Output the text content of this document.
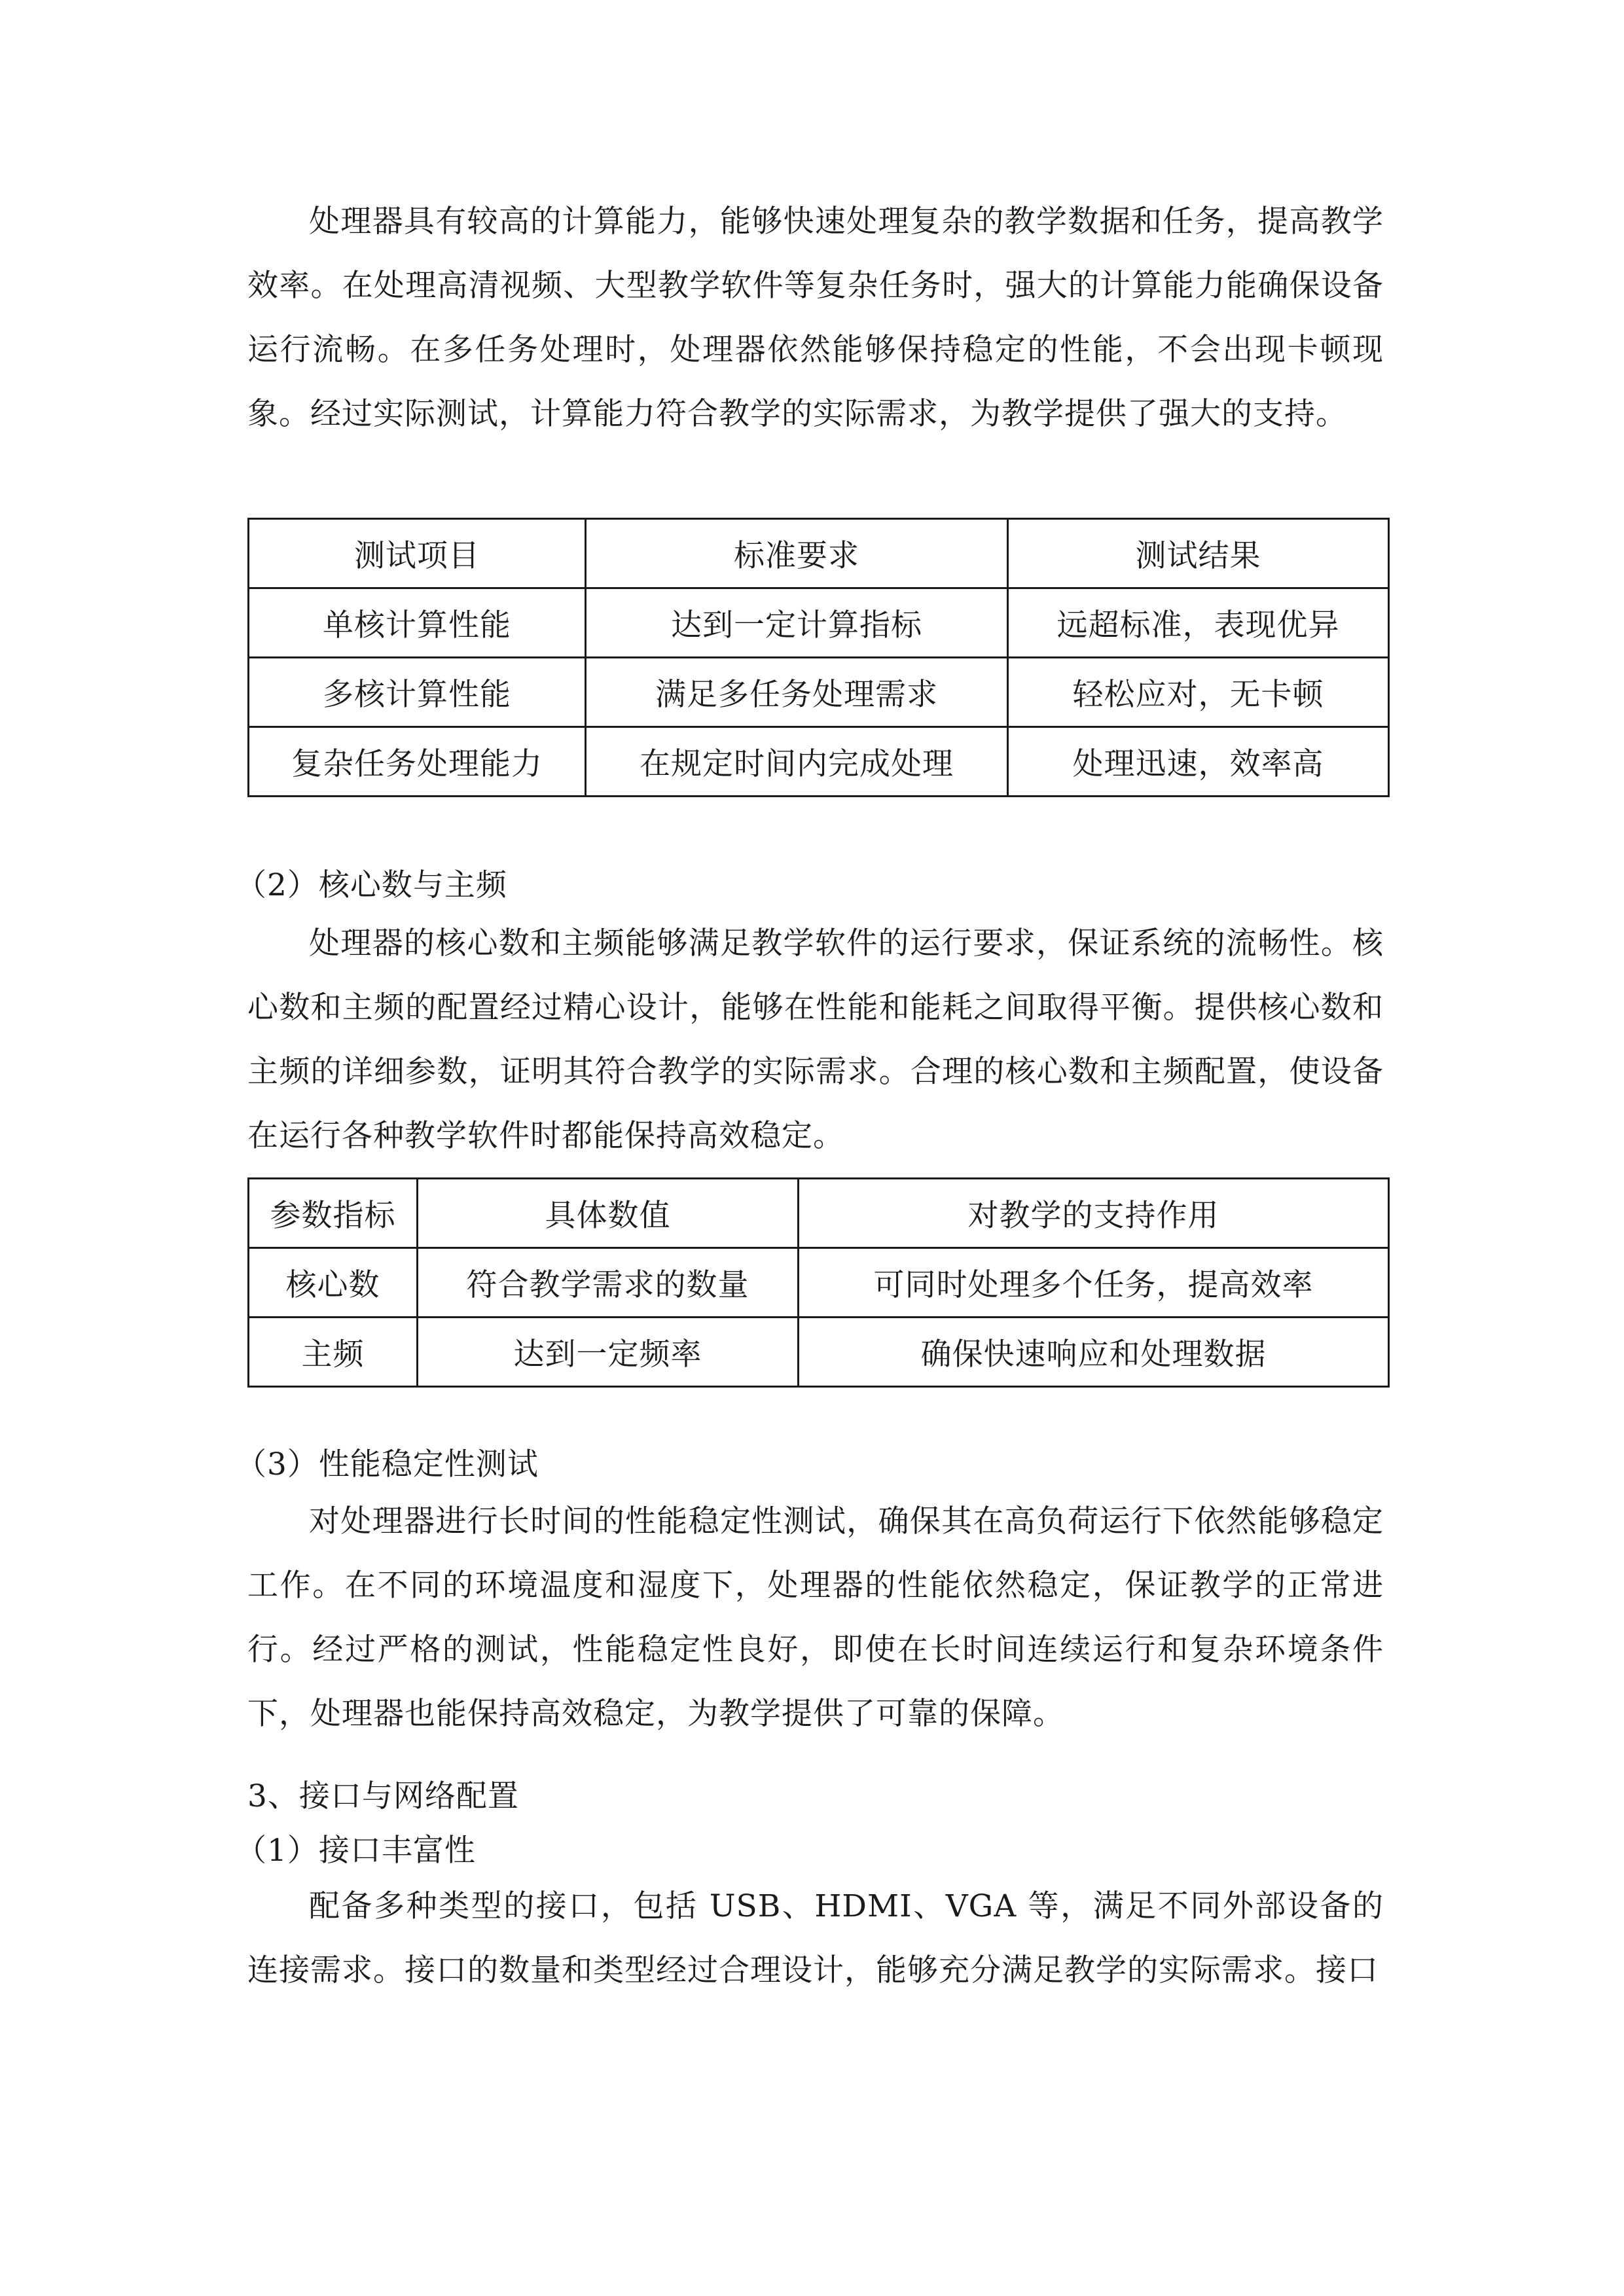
处理器具有较高的计算能力，能够快速处理复杂的教学数据和任务，提高教学效率。在处理高清视频、大型教学软件等复杂任务时，强大的计算能力能确保设备运行流畅。在多任务处理时，处理器依然能够保持稳定的性能，不会出现卡顿现象。经过实际测试，计算能力符合教学的实际需求，为教学提供了强大的支持。

测试项目	标准要求	测试结果
单核计算性能	达到一定计算指标	远超标准，表现优异
多核计算性能	满足多任务处理需求	轻松应对，无卡顿
复杂任务处理能力	在规定时间内完成处理	处理迅速，效率高

（2）核心数与主频

处理器的核心数和主频能够满足教学软件的运行要求，保证系统的流畅性。核心数和主频的配置经过精心设计，能够在性能和能耗之间取得平衡。提供核心数和主频的详细参数，证明其符合教学的实际需求。合理的核心数和主频配置，使设备在运行各种教学软件时都能保持高效稳定。

参数指标	具体数值	对教学的支持作用
核心数	符合教学需求的数量	可同时处理多个任务，提高效率
主频	达到一定频率	确保快速响应和处理数据

（3）性能稳定性测试

对处理器进行长时间的性能稳定性测试，确保其在高负荷运行下依然能够稳定工作。在不同的环境温度和湿度下，处理器的性能依然稳定，保证教学的正常进行。经过严格的测试，性能稳定性良好，即使在长时间连续运行和复杂环境条件下，处理器也能保持高效稳定，为教学提供了可靠的保障。

3、接口与网络配置

（1）接口丰富性

配备多种类型的接口，包括 USB、HDMI、VGA 等，满足不同外部设备的连接需求。接口的数量和类型经过合理设计，能够充分满足教学的实际需求。接口
